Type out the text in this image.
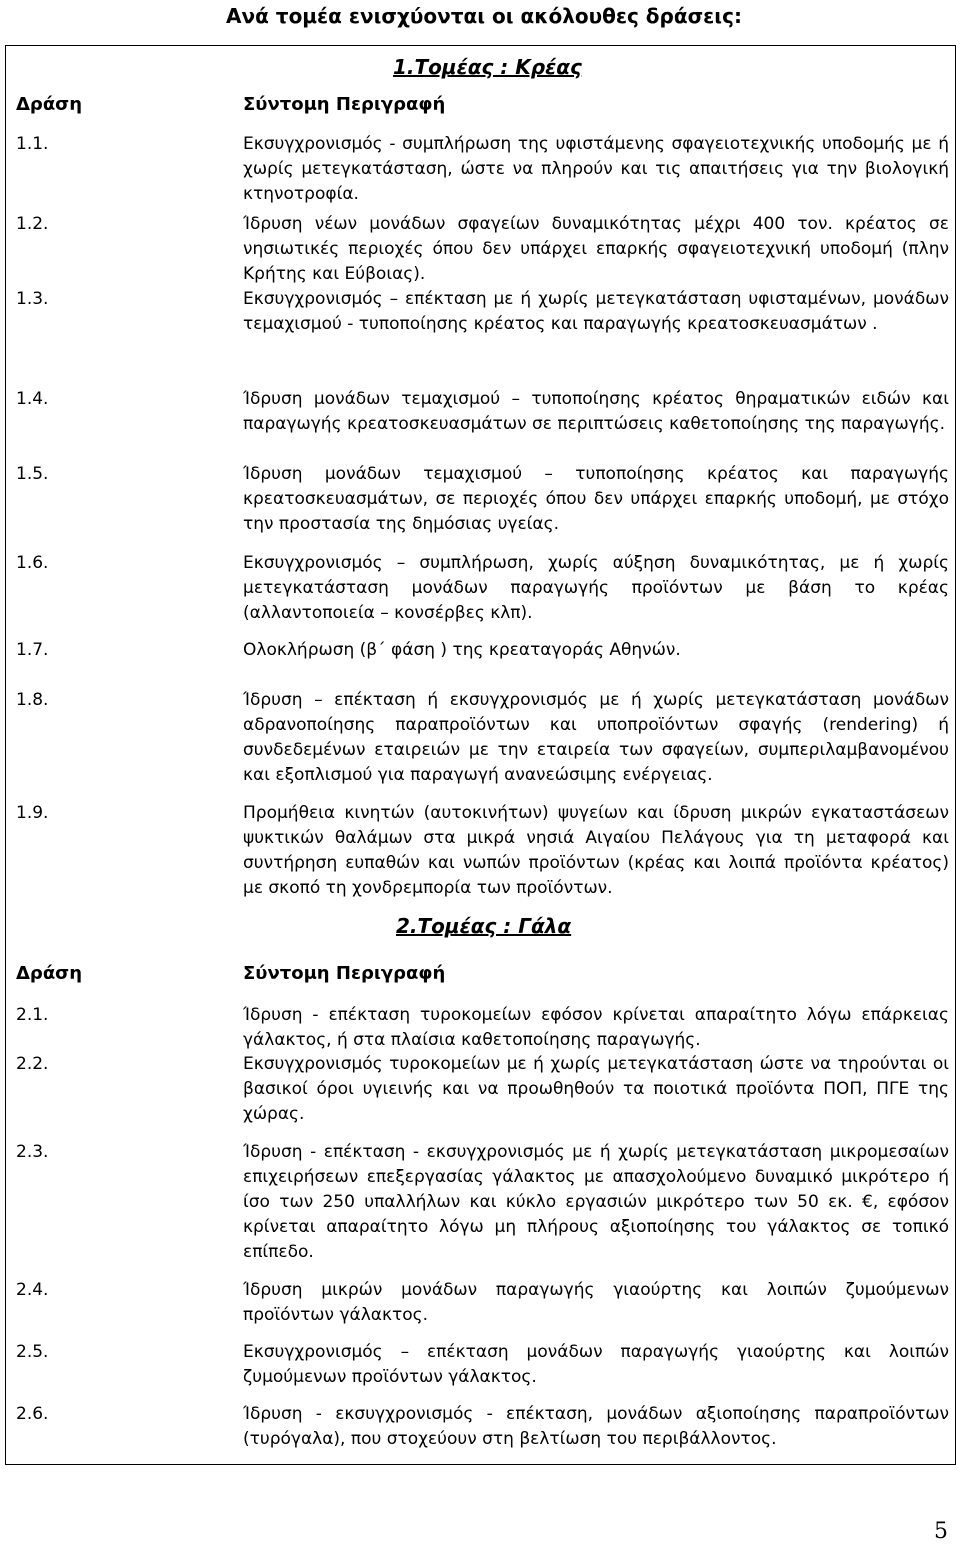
Ανά τομέα ενισχύονται οι ακόλουθες δράσεις:
1.Τομέας : Κρέας
Δράση	Σύντομη Περιγραφή
1.1.	Εκσυγχρονισμός - συμπλήρωση της υφιστάμενης σφαγειοτεχνικής υποδομής με ή χωρίς μετεγκατάσταση, ώστε να πληρούν και τις απαιτήσεις για την βιολογική κτηνοτροφία.
1.2.	Ίδρυση νέων μονάδων σφαγείων δυναμικότητας μέχρι 400 τον. κρέατος σε νησιωτικές περιοχές όπου δεν υπάρχει επαρκής σφαγειοτεχνική υποδομή (πλην Κρήτης και Εύβοιας).
1.3.	Εκσυγχρονισμός – επέκταση με ή χωρίς μετεγκατάσταση υφισταμένων, μονάδων τεμαχισμού - τυποποίησης κρέατος και παραγωγής κρεατοσκευασμάτων .
1.4.	Ίδρυση μονάδων τεμαχισμού – τυποποίησης κρέατος θηραματικών ειδών και παραγωγής κρεατοσκευασμάτων σε περιπτώσεις καθετοποίησης της παραγωγής.
1.5.	Ίδρυση μονάδων τεμαχισμού – τυποποίησης κρέατος και παραγωγής κρεατοσκευασμάτων, σε περιοχές όπου δεν υπάρχει επαρκής υποδομή, με στόχο την προστασία της δημόσιας υγείας.
1.6.	Εκσυγχρονισμός – συμπλήρωση, χωρίς αύξηση δυναμικότητας, με ή χωρίς μετεγκατάσταση μονάδων παραγωγής προϊόντων με βάση το κρέας (αλλαντοποιεία – κονσέρβες κλπ).
1.7.	Ολοκλήρωση (β΄ φάση ) της κρεαταγοράς Αθηνών.
1.8.	Ίδρυση – επέκταση ή εκσυγχρονισμός με ή χωρίς μετεγκατάσταση μονάδων αδρανοποίησης παραπροϊόντων και υποπροϊόντων σφαγής (rendering) ή συνδεδεμένων εταιρειών με την εταιρεία των σφαγείων, συμπεριλαμβανομένου και εξοπλισμού για παραγωγή ανανεώσιμης ενέργειας.
1.9.	Προμήθεια κινητών (αυτοκινήτων) ψυγείων και ίδρυση μικρών εγκαταστάσεων ψυκτικών θαλάμων στα μικρά νησιά Αιγαίου Πελάγους για τη μεταφορά και συντήρηση ευπαθών και νωπών προϊόντων (κρέας και λοιπά προϊόντα κρέατος) με σκοπό τη χονδρεμπορία των προϊόντων.
2.Τομέας : Γάλα
Δράση	Σύντομη Περιγραφή
2.1.	Ίδρυση - επέκταση τυροκομείων εφόσον κρίνεται απαραίτητο λόγω επάρκειας γάλακτος, ή στα πλαίσια καθετοποίησης παραγωγής.
2.2.	Εκσυγχρονισμός τυροκομείων με ή χωρίς μετεγκατάσταση ώστε να τηρούνται οι βασικοί όροι υγιεινής και να προωθηθούν τα ποιοτικά προϊόντα ΠΟΠ, ΠΓΕ της χώρας.
2.3.	Ίδρυση - επέκταση - εκσυγχρονισμός με ή χωρίς μετεγκατάσταση μικρομεσαίων επιχειρήσεων επεξεργασίας γάλακτος με απασχολούμενο δυναμικό μικρότερο ή ίσο των 250 υπαλλήλων και κύκλο εργασιών μικρότερο των 50 εκ. €, εφόσον κρίνεται απαραίτητο λόγω μη πλήρους αξιοποίησης του γάλακτος σε τοπικό επίπεδο.
2.4.	Ίδρυση μικρών μονάδων παραγωγής γιαούρτης και λοιπών ζυμούμενων προϊόντων γάλακτος.
2.5.	Εκσυγχρονισμός – επέκταση μονάδων παραγωγής γιαούρτης και λοιπών ζυμούμενων προϊόντων γάλακτος.
2.6.	Ίδρυση - εκσυγχρονισμός - επέκταση, μονάδων αξιοποίησης παραπροϊόντων (τυρόγαλα), που στοχεύουν στη βελτίωση του περιβάλλοντος.
5
